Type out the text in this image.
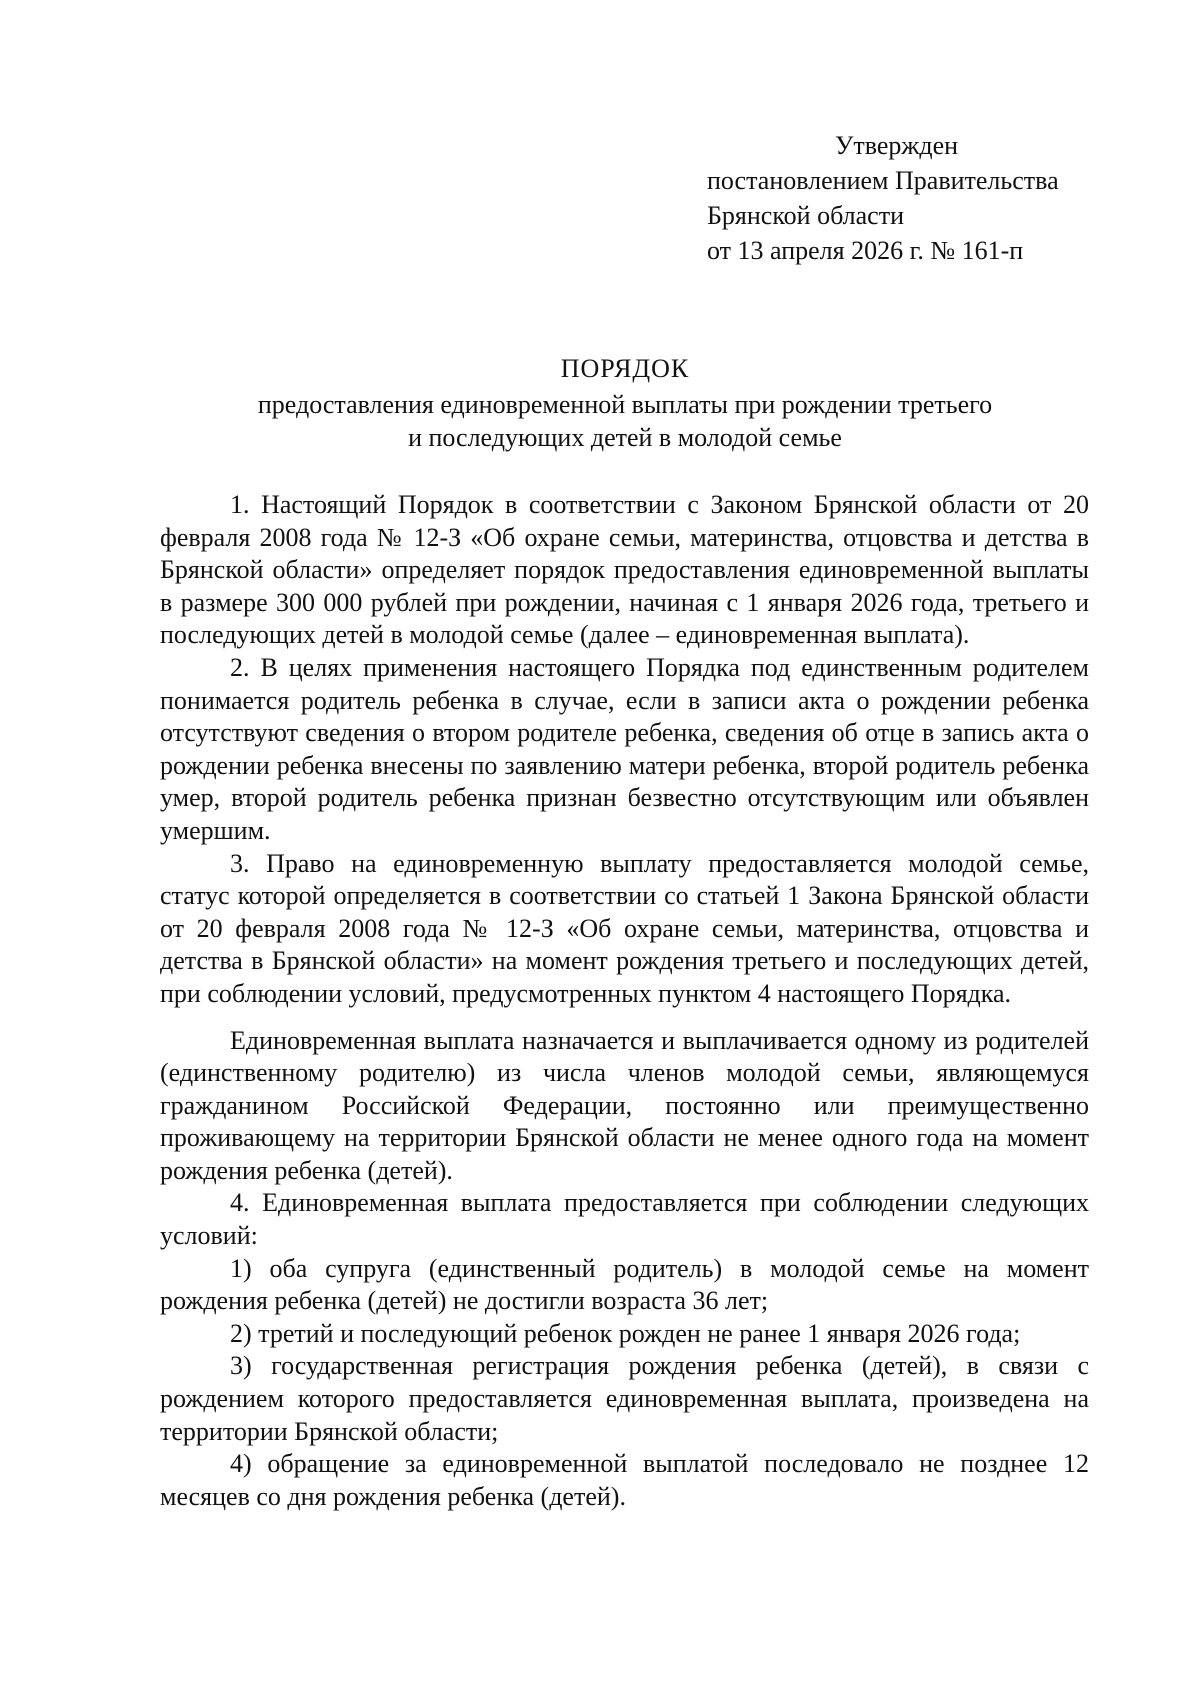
Утвержден
постановлением Правительства
Брянской области
от 13 апреля 2026 г. № 161-п
ПОРЯДОК
предоставления единовременной выплаты при рождении третьего
и последующих детей в молодой семье

1. Настоящий Порядок в соответствии с Законом Брянской области от 20 февраля 2008 года № 12-З «Об охране семьи, материнства, отцовства и детства в Брянской области» определяет порядок предоставления единовременной выплаты в размере 300 000 рублей при рождении, начиная с 1 января 2026 года, третьего и последующих детей в молодой семье (далее – единовременная выплата).

2. В целях применения настоящего Порядка под единственным родителем понимается родитель ребенка в случае, если в записи акта о рождении ребенка отсутствуют сведения о втором родителе ребенка, сведения об отце в запись акта о рождении ребенка внесены по заявлению матери ребенка, второй родитель ребенка умер, второй родитель ребенка признан безвестно отсутствующим или объявлен умершим.

3. Право на единовременную выплату предоставляется молодой семье, статус которой определяется в соответствии со статьей 1 Закона Брянской области от 20 февраля 2008 года № 12-З «Об охране семьи, материнства, отцовства и детства в Брянской области» на момент рождения третьего и последующих детей, при соблюдении условий, предусмотренных пунктом 4 настоящего Порядка.

Единовременная выплата назначается и выплачивается одному из родителей (единственному родителю) из числа членов молодой семьи, являющемуся гражданином Российской Федерации, постоянно или преимущественно проживающему на территории Брянской области не менее одного года на момент рождения ребенка (детей).

4. Единовременная выплата предоставляется при соблюдении следующих условий:

1) оба супруга (единственный родитель) в молодой семье на момент рождения ребенка (детей) не достигли возраста 36 лет;

2) третий и последующий ребенок рожден не ранее 1 января 2026 года;

3) государственная регистрация рождения ребенка (детей), в связи с рождением которого предоставляется единовременная выплата, произведена на территории Брянской области;

4) обращение за единовременной выплатой последовало не позднее 12 месяцев со дня рождения ребенка (детей).
